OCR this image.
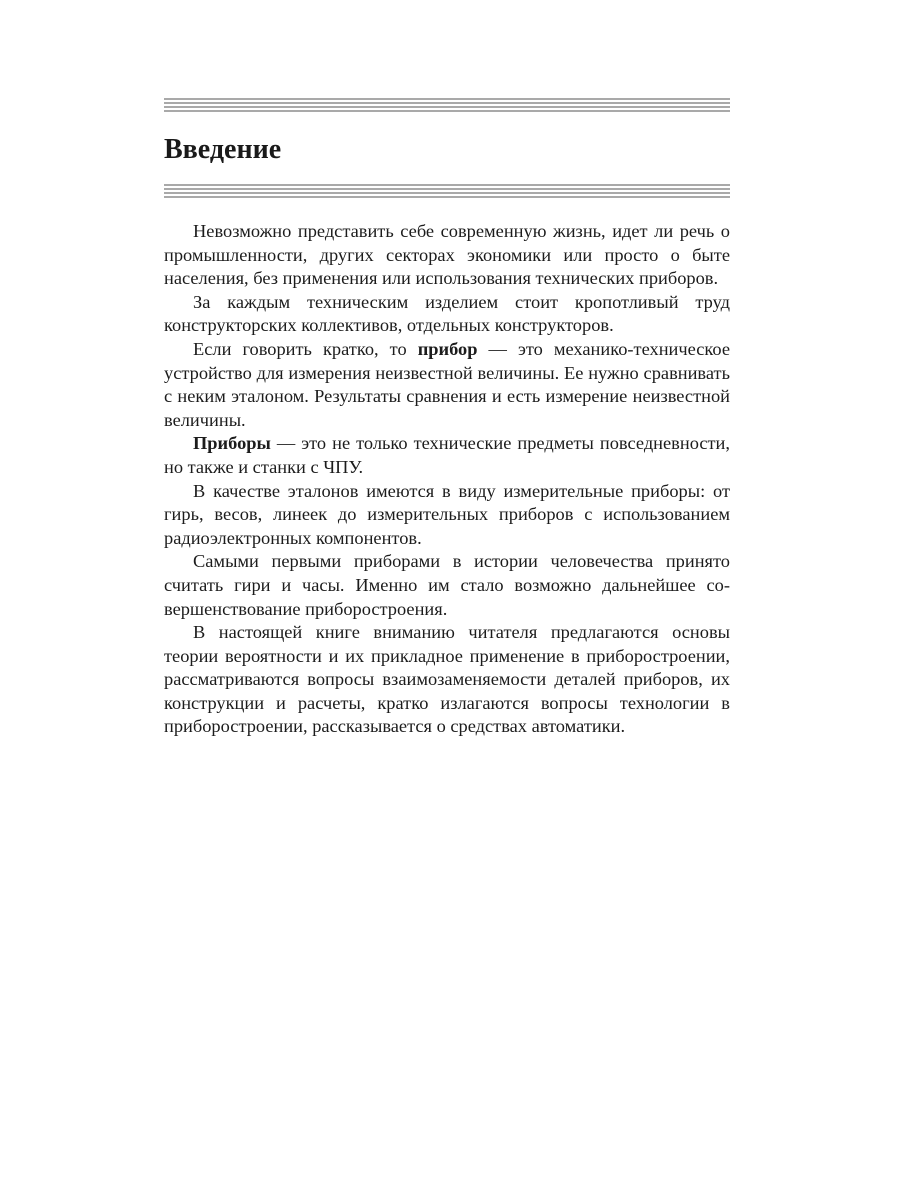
Введение

Невозможно представить себе современную жизнь, идет ли речь о промышленности, других секторах экономики или просто о быте населения, без применения или использования технических приборов.

За каждым техническим изделием стоит кропотливый труд конструкторских коллективов, отдельных конструкторов.

Если говорить кратко, то прибор — это механико-техническое устройство для измерения неизвестной величины. Ее нужно сравнивать с неким эталоном. Результаты сравнения и есть измерение неизвестной величины.

Приборы — это не только технические предметы повседневности, но также и станки с ЧПУ.

В качестве эталонов имеются в виду измерительные приборы: от гирь, весов, линеек до измерительных приборов с использованием радиоэлектронных компонентов.

Самыми первыми приборами в истории человечества принято считать гири и часы. Именно им стало возможно дальнейшее совершенствование приборостроения.

В настоящей книге вниманию читателя предлагаются основы теории вероятности и их прикладное применение в приборостроении, рассматриваются вопросы взаимозаменяемости деталей приборов, их конструкции и расчеты, кратко излагаются вопросы технологии в приборостроении, рассказывается о средствах автоматики.
